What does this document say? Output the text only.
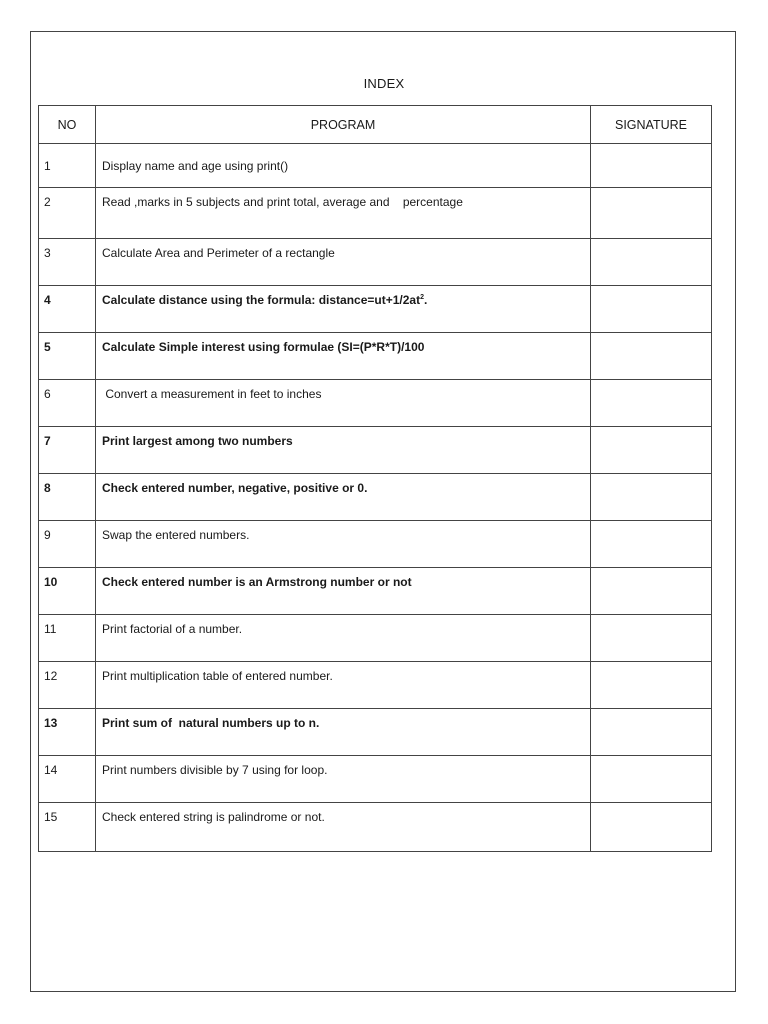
INDEX
NO	PROGRAM	SIGNATURE

1	Display name and age using print()	

2	Read ,marks in 5 subjects and print total, average and    percentage	

3	Calculate Area and Perimeter of a rectangle	

4	Calculate distance using the formula: $distance=ut+1/2at^2$.	

5	Calculate Simple interest using formulae (SI=(P*R*T)/100	

6	Convert a measurement in feet to inches	

7	Print largest among two numbers	

8	Check entered number, negative, positive or 0.	

9	Swap the entered numbers.	

10	Check entered number is an Armstrong number or not	

11	Print factorial of a number.	

12	Print multiplication table of entered number.	

13	Print sum of  natural numbers up to n.	

14	Print numbers divisible by 7 using for loop.	

15	Check entered string is palindrome or not.	
